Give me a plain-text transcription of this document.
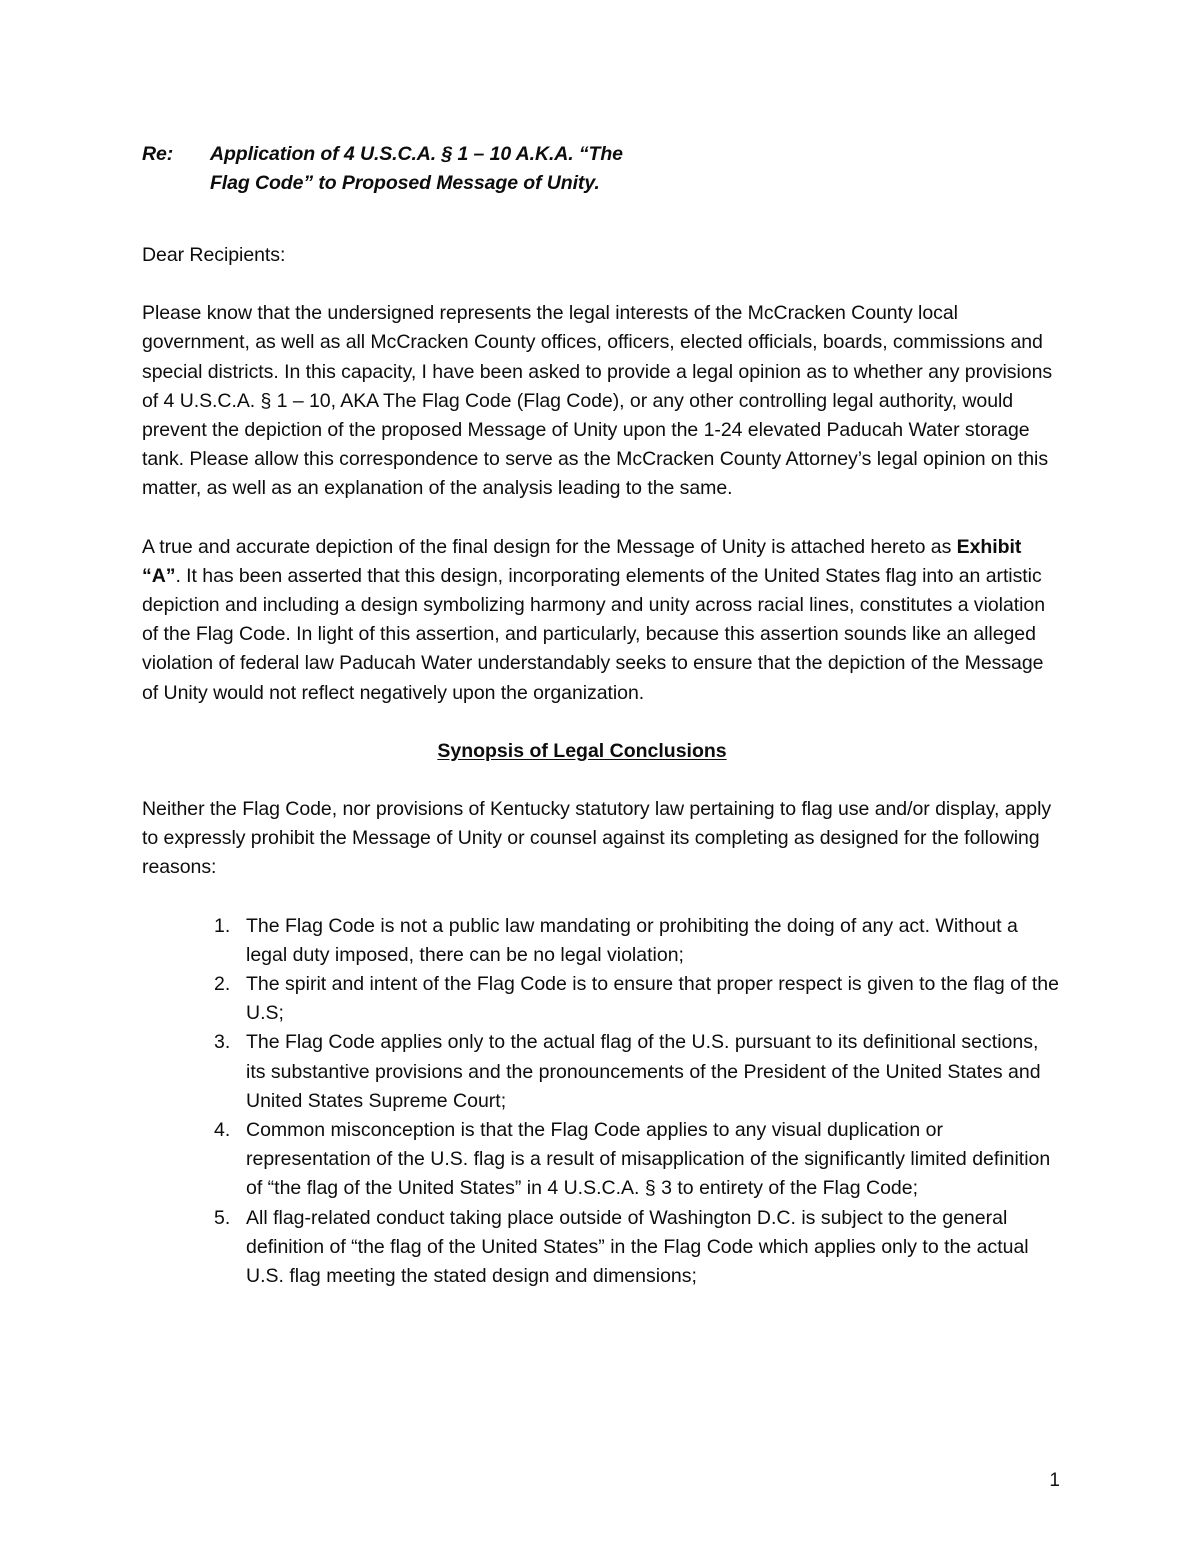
Re:	Application of 4 U.S.C.A. § 1 – 10 A.K.A. “The
Flag Code” to Proposed Message of Unity.

Dear Recipients:

Please know that the undersigned represents the legal interests of the McCracken County local government, as well as all McCracken County offices, officers, elected officials, boards, commissions and special districts. In this capacity, I have been asked to provide a legal opinion as to whether any provisions of 4 U.S.C.A. § 1 – 10, AKA The Flag Code (Flag Code), or any other controlling legal authority, would prevent the depiction of the proposed Message of Unity upon the 1-24 elevated Paducah Water storage tank. Please allow this correspondence to serve as the McCracken County Attorney’s legal opinion on this matter, as well as an explanation of the analysis leading to the same.

A true and accurate depiction of the final design for the Message of Unity is attached hereto as Exhibit “A”. It has been asserted that this design, incorporating elements of the United States flag into an artistic depiction and including a design symbolizing harmony and unity across racial lines, constitutes a violation of the Flag Code. In light of this assertion, and particularly, because this assertion sounds like an alleged violation of federal law Paducah Water understandably seeks to ensure that the depiction of the Message of Unity would not reflect negatively upon the organization.

Synopsis of Legal Conclusions

Neither the Flag Code, nor provisions of Kentucky statutory law pertaining to flag use and/or display, apply to expressly prohibit the Message of Unity or counsel against its completing as designed for the following reasons:

1. The Flag Code is not a public law mandating or prohibiting the doing of any act. Without a legal duty imposed, there can be no legal violation;
2. The spirit and intent of the Flag Code is to ensure that proper respect is given to the flag of the U.S;
3. The Flag Code applies only to the actual flag of the U.S. pursuant to its definitional sections, its substantive provisions and the pronouncements of the President of the United States and United States Supreme Court;
4. Common misconception is that the Flag Code applies to any visual duplication or representation of the U.S. flag is a result of misapplication of the significantly limited definition of “the flag of the United States” in 4 U.S.C.A. § 3 to entirety of the Flag Code;
5. All flag-related conduct taking place outside of Washington D.C. is subject to the general definition of “the flag of the United States” in the Flag Code which applies only to the actual U.S. flag meeting the stated design and dimensions;
1
